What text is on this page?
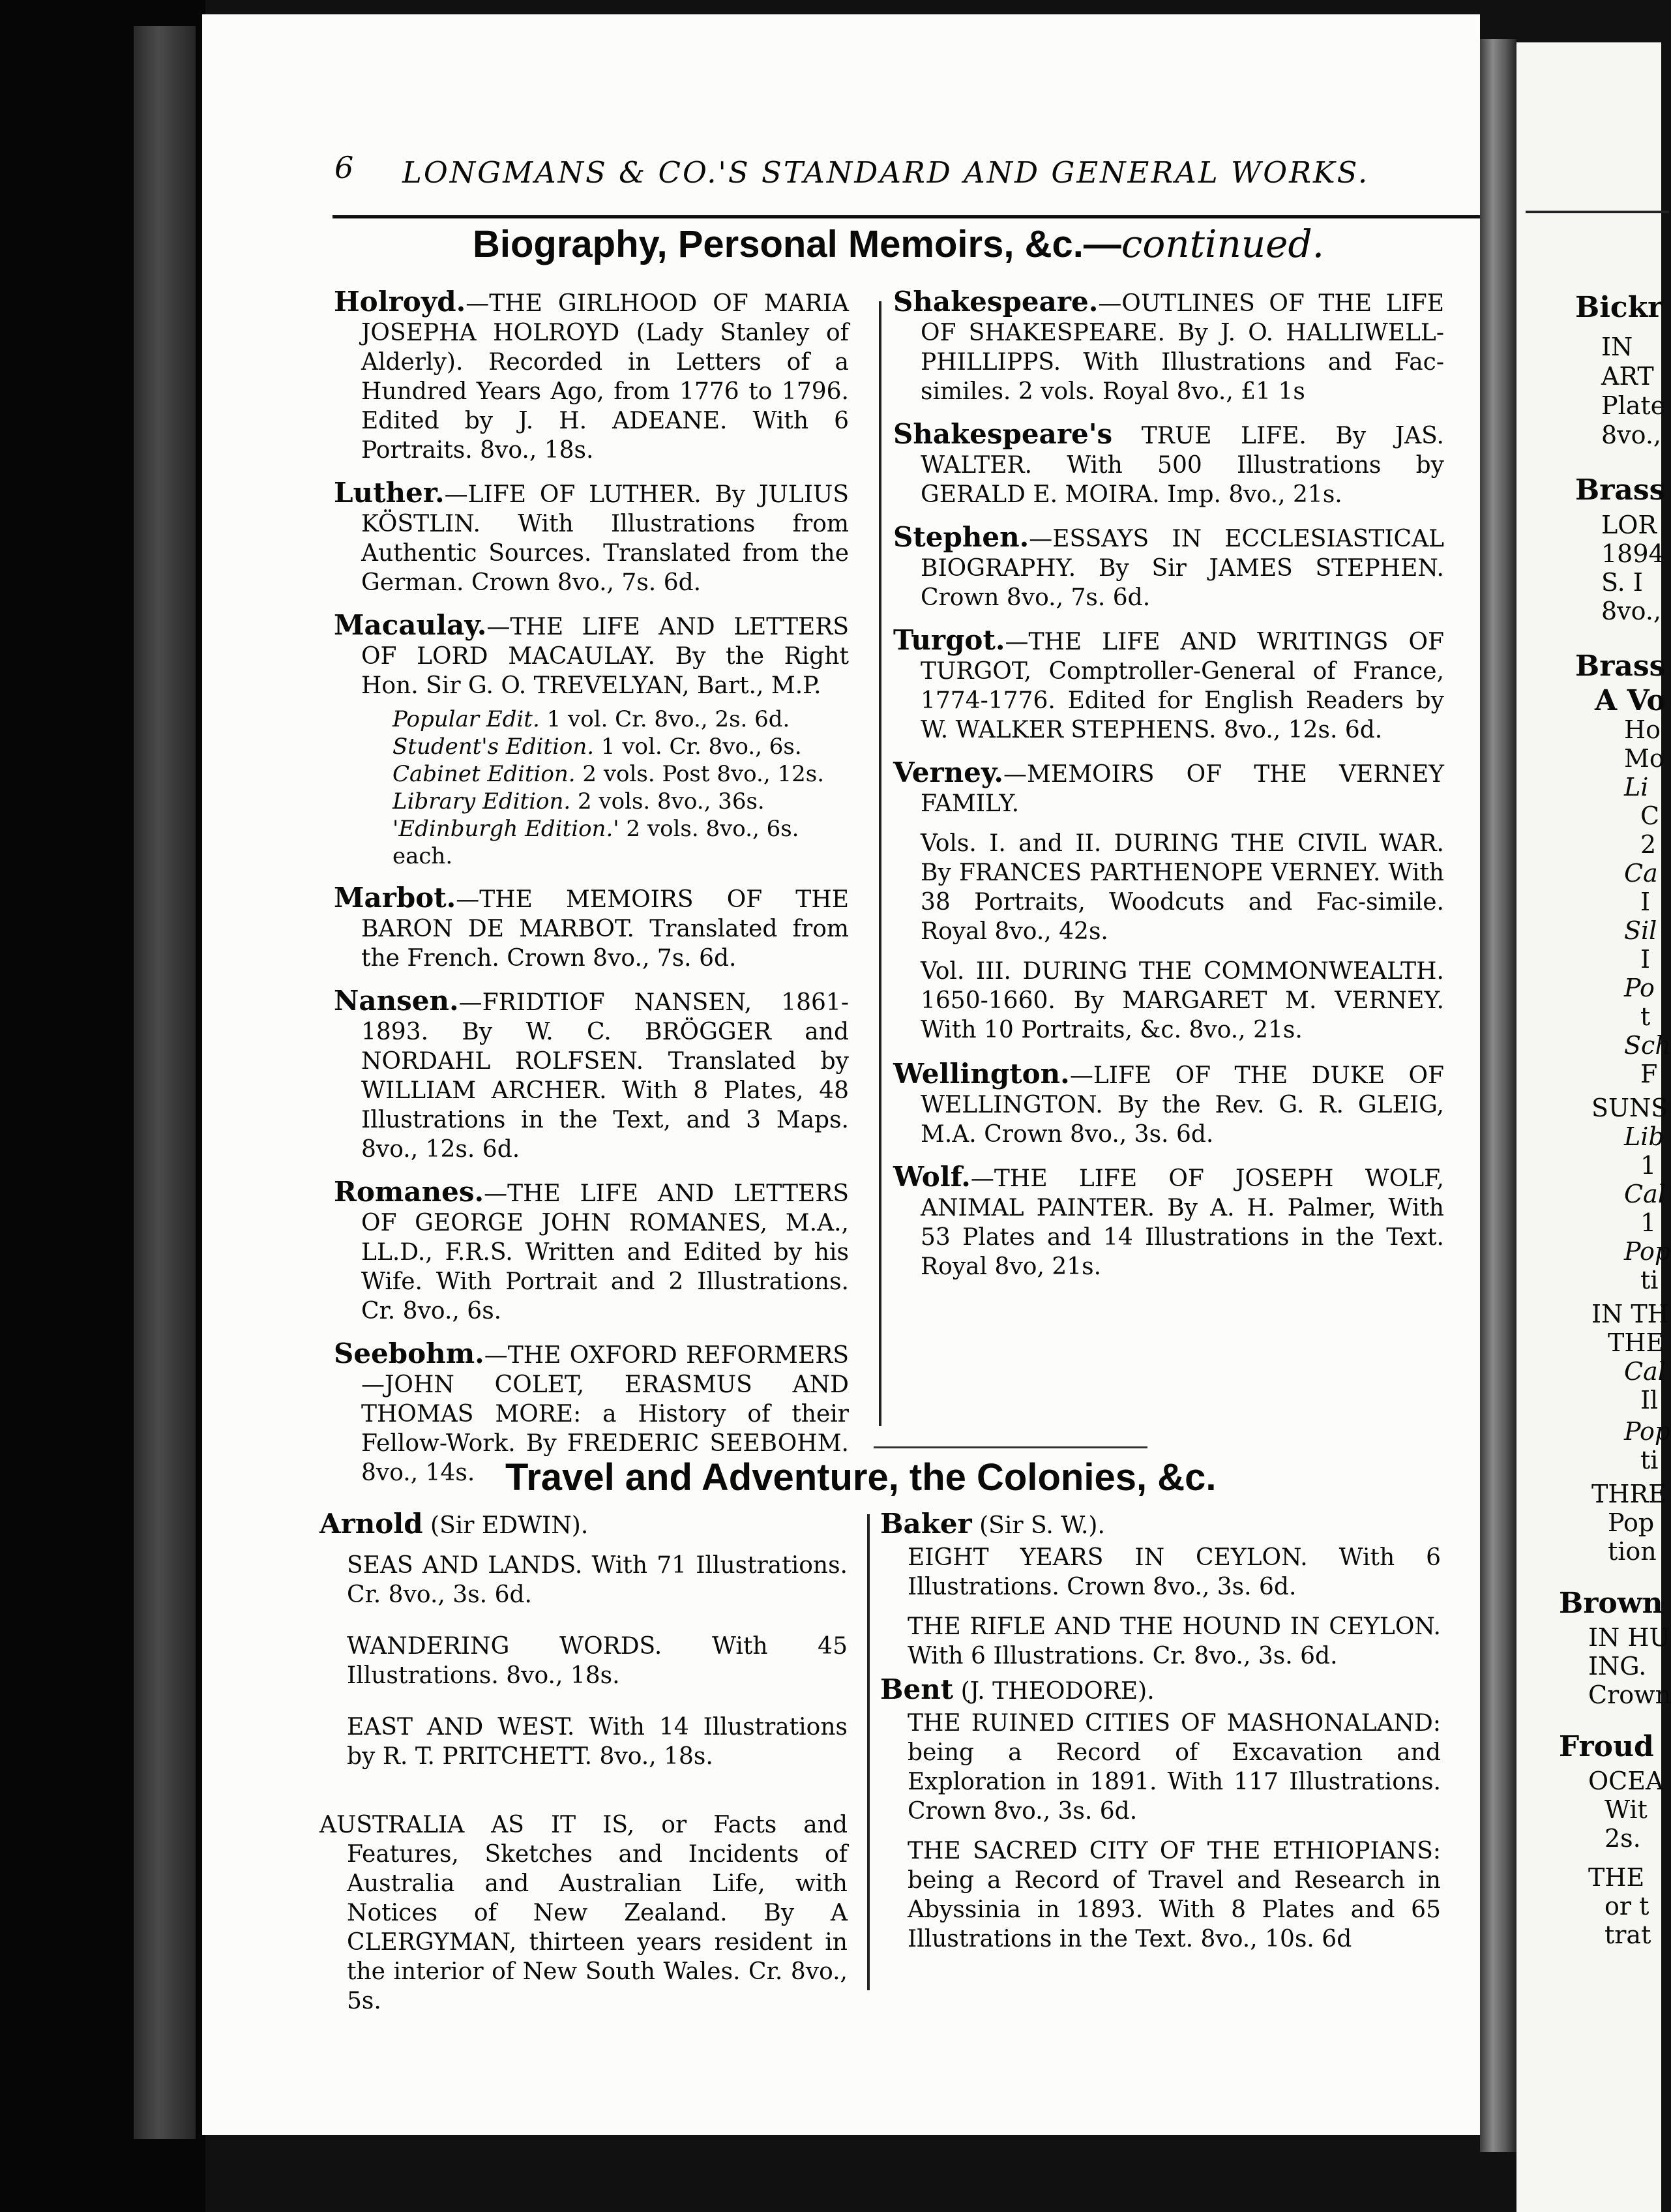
6 LONGMANS & CO.'S STANDARD AND GENERAL WORKS.
Biography, Personal Memoirs, &c.—continued.

Holroyd.—THE GIRLHOOD OF MARIA JOSEPHA HOLROYD (Lady Stanley of Alderly). Recorded in Letters of a Hundred Years Ago, from 1776 to 1796. Edited by J. H. ADEANE. With 6 Portraits. 8vo., 18s.

Luther.—LIFE OF LUTHER. By JULIUS KÖSTLIN. With Illustrations from Authentic Sources. Translated from the German. Crown 8vo., 7s. 6d.

Macaulay.—THE LIFE AND LETTERS OF LORD MACAULAY. By the Right Hon. Sir G. O. TREVELYAN, Bart., M.P.

Popular Edit. 1 vol. Cr. 8vo., 2s. 6d.
Student's Edition. 1 vol. Cr. 8vo., 6s.
Cabinet Edition. 2 vols. Post 8vo., 12s.
Library Edition. 2 vols. 8vo., 36s.
'Edinburgh Edition.' 2 vols. 8vo., 6s. each.

Marbot.—THE MEMOIRS OF THE BARON DE MARBOT. Translated from the French. Crown 8vo., 7s. 6d.

Nansen.—FRIDTIOF NANSEN, 1861-1893. By W. C. BRÖGGER and NORDAHL ROLFSEN. Translated by WILLIAM ARCHER. With 8 Plates, 48 Illustrations in the Text, and 3 Maps. 8vo., 12s. 6d.

Romanes.—THE LIFE AND LETTERS OF GEORGE JOHN ROMANES, M.A., LL.D., F.R.S. Written and Edited by his Wife. With Portrait and 2 Illustrations. Cr. 8vo., 6s.

Seebohm.—THE OXFORD REFORMERS —JOHN COLET, ERASMUS AND THOMAS MORE: a History of their Fellow-Work. By FREDERIC SEEBOHM. 8vo., 14s.

Shakespeare.—OUTLINES OF THE LIFE OF SHAKESPEARE. By J. O. HALLIWELL-PHILLIPPS. With Illustrations and Fac-similes. 2 vols. Royal 8vo., £1 1s

Shakespeare's TRUE LIFE. By JAS. WALTER. With 500 Illustrations by GERALD E. MOIRA. Imp. 8vo., 21s.

Stephen.—ESSAYS IN ECCLESIASTICAL BIOGRAPHY. By Sir JAMES STEPHEN. Crown 8vo., 7s. 6d.

Turgot.—THE LIFE AND WRITINGS OF TURGOT, Comptroller-General of France, 1774-1776. Edited for English Readers by W. WALKER STEPHENS. 8vo., 12s. 6d.

Verney.—MEMOIRS OF THE VERNEY FAMILY.

Vols. I. and II. DURING THE CIVIL WAR. By FRANCES PARTHENOPE VERNEY. With 38 Portraits, Woodcuts and Fac-simile. Royal 8vo., 42s.

Vol. III. DURING THE COMMONWEALTH. 1650-1660. By MARGARET M. VERNEY. With 10 Portraits, &c. 8vo., 21s.

Wellington.—LIFE OF THE DUKE OF WELLINGTON. By the Rev. G. R. GLEIG, M.A. Crown 8vo., 3s. 6d.

Wolf.—THE LIFE OF JOSEPH WOLF, ANIMAL PAINTER. By A. H. Palmer, With 53 Plates and 14 Illustrations in the Text. Royal 8vo, 21s.

Travel and Adventure, the Colonies, &c.

Arnold (Sir EDWIN).

SEAS AND LANDS. With 71 Illustrations. Cr. 8vo., 3s. 6d.

WANDERING WORDS. With 45 Illustrations. 8vo., 18s.

EAST AND WEST. With 14 Illustrations by R. T. PRITCHETT. 8vo., 18s.

AUSTRALIA AS IT IS, or Facts and Features, Sketches and Incidents of Australia and Australian Life, with Notices of New Zealand. By A CLERGYMAN, thirteen years resident in the interior of New South Wales. Cr. 8vo., 5s.

Baker (Sir S. W.).

EIGHT YEARS IN CEYLON. With 6 Illustrations. Crown 8vo., 3s. 6d.

THE RIFLE AND THE HOUND IN CEYLON. With 6 Illustrations. Cr. 8vo., 3s. 6d.

Bent (J. THEODORE).

THE RUINED CITIES OF MASHONALAND: being a Record of Excavation and Exploration in 1891. With 117 Illustrations. Crown 8vo., 3s. 6d.

THE SACRED CITY OF THE ETHIOPIANS: being a Record of Travel and Research in Abyssinia in 1893. With 8 Plates and 65 Illustrations in the Text. 8vo., 10s. 6d

Bickr
IN
ART
Plate
8vo.,
Brass
LOR
1894
S. I
8vo.,
Brass
A Vo
Ho
Mo
Li
C
2
Ca
I
Sil
I
Po
t
Sch
F
SUNS
Lib
1
Cal
1
Pop
ti
IN TH
THE
Cal
Il
Pop
ti
THRE
Pop
tion
Brown
IN HU
ING.
Crown
Froud
OCEA
Wit
2s.
THE
or t
trat
